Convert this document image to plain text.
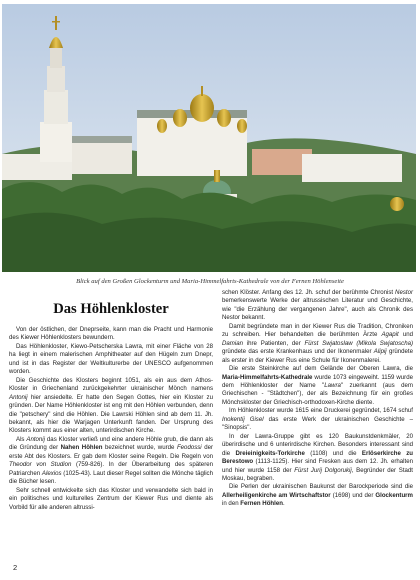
Blick auf den Großen Glockenturm und Maria-Himmelfahrts-Kathedrale von der Fernen Höhlenseite
Das Höhlenkloster

Von der östlichen, der Dneprseite, kann man die Pracht und Harmonie des Kiewer Höhlenklosters bewundern.

Das Höhlenkloster, Kiewo-Petscherska Lawra, mit einer Fläche von 28 ha liegt in einem malerischen Amphitheater auf den Hügeln zum Dnepr, und ist in das Register der Weltkulturerbe der UNESCO aufgenommen worden.

Die Geschichte des Klosters beginnt 1051, als ein aus dem Athos-Kloster in Griechenland zurückgekehrter ukrainischer Mönch namens Antonij hier ansiedelte. Er hatte den Segen Gottes, hier ein Kloster zu gründen. Der Name Höhlenkloster ist eng mit den Höhlen verbunden, denn die "petschery" sind die Höhlen. Die Lawrski Höhlen sind ab dem 11. Jh. bekannt, als hier die Warjagen Unterkunft fanden. Der Ursprung des Klosters kommt aus einer alten, unterirdischen Kirche.

Als Antonij das Kloster verließ und eine andere Höhle grub, die dann als die Gründung der Nahen Höhlen bezeichnet wurde, wurde Feodossi der erste Abt des Klosters. Er gab dem Kloster seine Regeln. Die Regeln von Theodor von Studion (759-826). In der Überarbeitung des späteren Patriarchen Alexios (1025-43). Laut dieser Regel sollten die Mönche täglich die Bücher lesen.

Sehr schnell entwickelte sich das Kloster und verwandelte sich bald in ein politisches und kulturelles Zentrum der Kiewer Rus und diente als Vorbild für alle anderen altrussi-

schen Klöster. Anfang des 12. Jh. schuf der berühmte Chronist Nestor bemerkenswerte Werke der altrussischen Literatur und Geschichte, wie "die Erzählung der vergangenen Jahre", auch als Chronik des Nestor bekannt.

Damit begründete man in der Kiewer Rus die Tradition, Chroniken zu schreiben. Hier behandelten die berühmten Ärzte Agapit und Damian ihre Patienten, der Fürst Swjatoslaw (Mikola Swjatoscha) gründete das erste Krankenhaus und der Ikonenmaler Alipij gründete als erster in der Kiewer Rus eine Schule für Ikonenmalerei.

Die erste Steinkirche auf dem Gelände der Oberen Lawra, die Maria-Himmelfahrts-Kathedrale wurde 1073 eingeweiht. 1159 wurde dem Höhlenkloster der Name "Lawra" zuerkannt (aus dem Griechischen - "Städtchen"), der als Bezeichnung für ein großes Mönchskloster der Griechisch-orthodoxen-Kirche diente.

Im Höhlenkloster wurde 1615 eine Druckerei gegründet, 1674 schuf Inokentij Gisel das erste Werk der ukrainischen Geschichte – "Sinopsis".

In der Lawra-Gruppe gibt es 120 Baukunstdenkmäler, 20 überirdische und 6 unterirdische Kirchen. Besonders interessant sind die Dreieinigkeits-Torkirche (1108) und die Erlöserkirche zu Berestowo (1113-1125). Hier sind Fresken aus dem 12. Jh. erhalten und hier wurde 1158 der Fürst Jurij Dolgorukij, Begründer der Stadt Moskau, begraben.

Die Perlen der ukrainischen Baukunst der Barockperiode sind die Allerheiligenkirche am Wirtschaftstor (1698) und der Glockenturm in den Fernen Höhlen.

2
